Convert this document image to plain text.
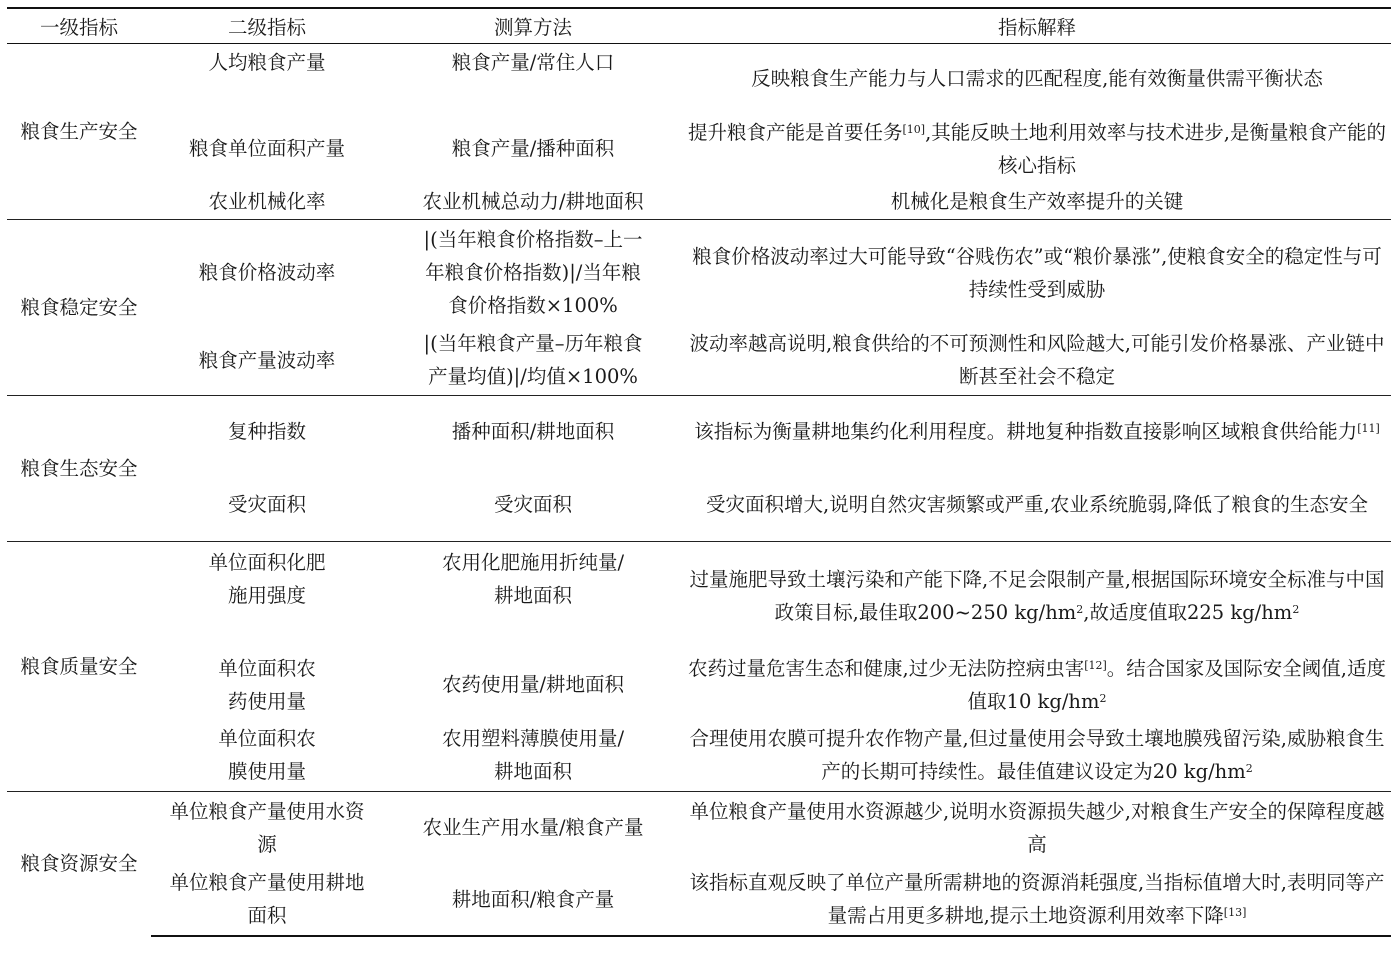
一级指标	二级指标	测算方法	指标解释
粮食生产安全	人均粮食产量	粮食产量/常住人口	反映粮食生产能力与人口需求的匹配程度,能有效衡量供需平衡状态
	粮食单位面积产量	粮食产量/播种面积	提升粮食产能是首要任务[10],其能反映土地利用效率与技术进步,是衡量粮食产能的核心指标
	农业机械化率	农业机械总动力/耕地面积	机械化是粮食生产效率提升的关键
粮食稳定安全	粮食价格波动率	|(当年粮食价格指数–上一年粮食价格指数)|/当年粮食价格指数×100%	粮食价格波动率过大可能导致“谷贱伤农”或“粮价暴涨”,使粮食安全的稳定性与可持续性受到威胁
	粮食产量波动率	|(当年粮食产量–历年粮食产量均值)|/均值×100%	波动率越高说明,粮食供给的不可预测性和风险越大,可能引发价格暴涨、产业链中断甚至社会不稳定
粮食生态安全	复种指数	播种面积/耕地面积	该指标为衡量耕地集约化利用程度。耕地复种指数直接影响区域粮食供给能力[11]
	受灾面积	受灾面积	受灾面积增大,说明自然灾害频繁或严重,农业系统脆弱,降低了粮食的生态安全
粮食质量安全	单位面积化肥施用强度	农用化肥施用折纯量/耕地面积	过量施肥导致土壤污染和产能下降,不足会限制产量,根据国际环境安全标准与中国政策目标,最佳取200~250 $kg/hm^2$,故适度值取225 $kg/hm^2$
	单位面积农药使用量	农药使用量/耕地面积	农药过量危害生态和健康,过少无法防控病虫害[12]。结合国家及国际安全阈值,适度值取10 $kg/hm^2$
	单位面积农膜使用量	农用塑料薄膜使用量/耕地面积	合理使用农膜可提升农作物产量,但过量使用会导致土壤地膜残留污染,威胁粮食生产的长期可持续性。最佳值建议设定为20 $kg/hm^2$
粮食资源安全	单位粮食产量使用水资源	农业生产用水量/粮食产量	单位粮食产量使用水资源越少,说明水资源损失越少,对粮食生产安全的保障程度越高
	单位粮食产量使用耕地面积	耕地面积/粮食产量	该指标直观反映了单位产量所需耕地的资源消耗强度,当指标值增大时,表明同等产量需占用更多耕地,提示土地资源利用效率下降[13]
